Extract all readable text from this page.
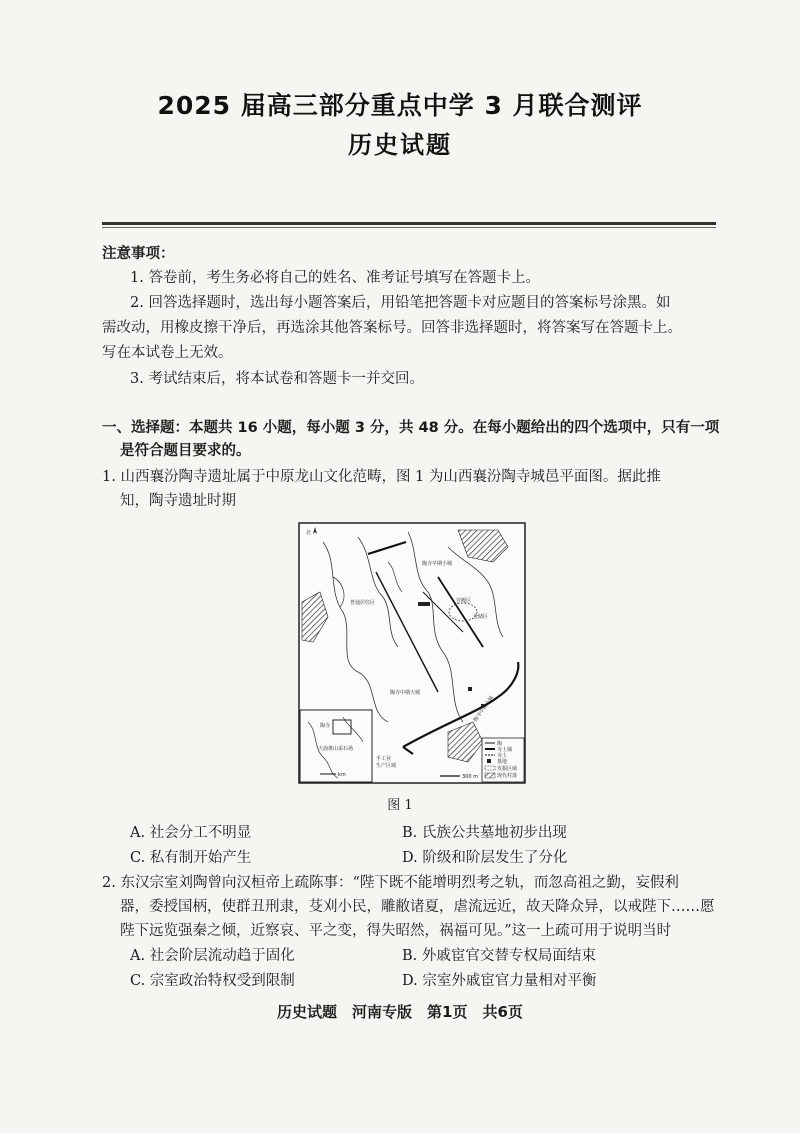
2025 届高三部分重点中学 3 月联合测评
历史试题
注意事项：
1. 答卷前，考生务必将自己的姓名、准考证号填写在答题卡上。
2. 回答选择题时，选出每小题答案后，用铅笔把答题卡对应题目的答案标号涂黑。如
需改动，用橡皮擦干净后，再选涂其他答案标号。回答非选择题时，将答案写在答题卡上。
写在本试卷上无效。
3. 考试结束后，将本试卷和答题卡一并交回。
一、选择题：本题共 16 小题，每小题 3 分，共 48 分。在每小题给出的四个选项中，只有一项
是符合题目要求的。
1. 山西襄汾陶寺遗址属于中原龙山文化范畴，图 1 为山西襄汾陶寺城邑平面图。据此推
知，陶寺遗址时期
北
陶寺早期小城
普通居住区	宫殿区
仓储区
陶寺中期大城
陶寺中期小城
手工业
生产区域
300 m
陶寺
大崮堆山采石场
km
陶
夯土墙
夯土
墓地
发掘区域
现代村落
图 1
A. 社会分工不明显	B. 氏族公共墓地初步出现
C. 私有制开始产生	D. 阶级和阶层发生了分化
2. 东汉宗室刘陶曾向汉桓帝上疏陈事：“陛下既不能增明烈考之轨，而忽高祖之勤，妄假利
器，委授国柄，使群丑刑隶，芟刈小民，雕敝诸夏，虐流远近，故天降众异，以戒陛下……愿
陛下远览强秦之倾，近察哀、平之变，得失昭然，祸福可见。”这一上疏可用于说明当时
A. 社会阶层流动趋于固化	B. 外戚宦官交替专权局面结束
C. 宗室政治特权受到限制	D. 宗室外戚宦官力量相对平衡
历史试题　河南专版　第1页　共6页
